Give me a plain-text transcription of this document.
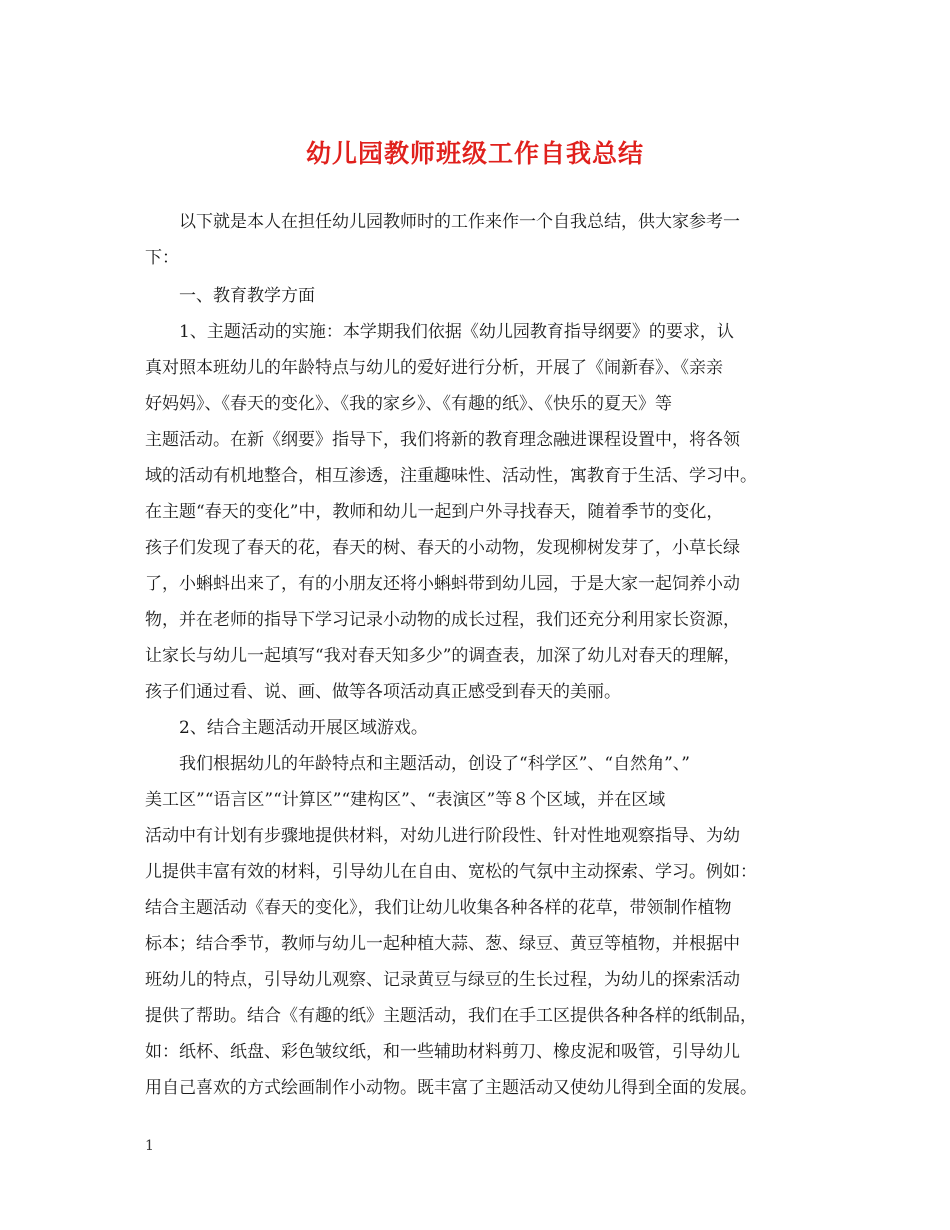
幼儿园教师班级工作自我总结
　　以下就是本人在担任幼儿园教师时的工作来作一个自我总结，供大家参考一
下：
　　一、教育教学方面
　　1、主题活动的实施：本学期我们依据《幼儿园教育指导纲要》的要求，认
真对照本班幼儿的年龄特点与幼儿的爱好进行分析，开展了《闹新春》、《亲亲
好妈妈》、《春天的变化》、《我的家乡》、《有趣的纸》、《快乐的夏天》等
主题活动。在新《纲要》指导下，我们将新的教育理念融进课程设置中，将各领
域的活动有机地整合，相互渗透，注重趣味性、活动性，寓教育于生活、学习中。
在主题“春天的变化”中，教师和幼儿一起到户外寻找春天，随着季节的变化，
孩子们发现了春天的花，春天的树、春天的小动物，发现柳树发芽了，小草长绿
了，小蝌蚪出来了，有的小朋友还将小蝌蚪带到幼儿园，于是大家一起饲养小动
物，并在老师的指导下学习记录小动物的成长过程，我们还充分利用家长资源，
让家长与幼儿一起填写“我对春天知多少”的调查表，加深了幼儿对春天的理解，
孩子们通过看、说、画、做等各项活动真正感受到春天的美丽。
　　2、结合主题活动开展区域游戏。
　　我们根据幼儿的年龄特点和主题活动，创设了“科学区”、“自然角”、”
美工区”“语言区”“计算区”“建构区”、“表演区”等８个区域，并在区域
活动中有计划有步骤地提供材料，对幼儿进行阶段性、针对性地观察指导、为幼
儿提供丰富有效的材料，引导幼儿在自由、宽松的气氛中主动探索、学习。例如：
结合主题活动《春天的变化》，我们让幼儿收集各种各样的花草，带领制作植物
标本；结合季节，教师与幼儿一起种植大蒜、葱、绿豆、黄豆等植物，并根据中
班幼儿的特点，引导幼儿观察、记录黄豆与绿豆的生长过程，为幼儿的探索活动
提供了帮助。结合《有趣的纸》主题活动，我们在手工区提供各种各样的纸制品，
如：纸杯、纸盘、彩色皱纹纸，和一些辅助材料剪刀、橡皮泥和吸管，引导幼儿
用自己喜欢的方式绘画制作小动物。既丰富了主题活动又使幼儿得到全面的发展。
1
